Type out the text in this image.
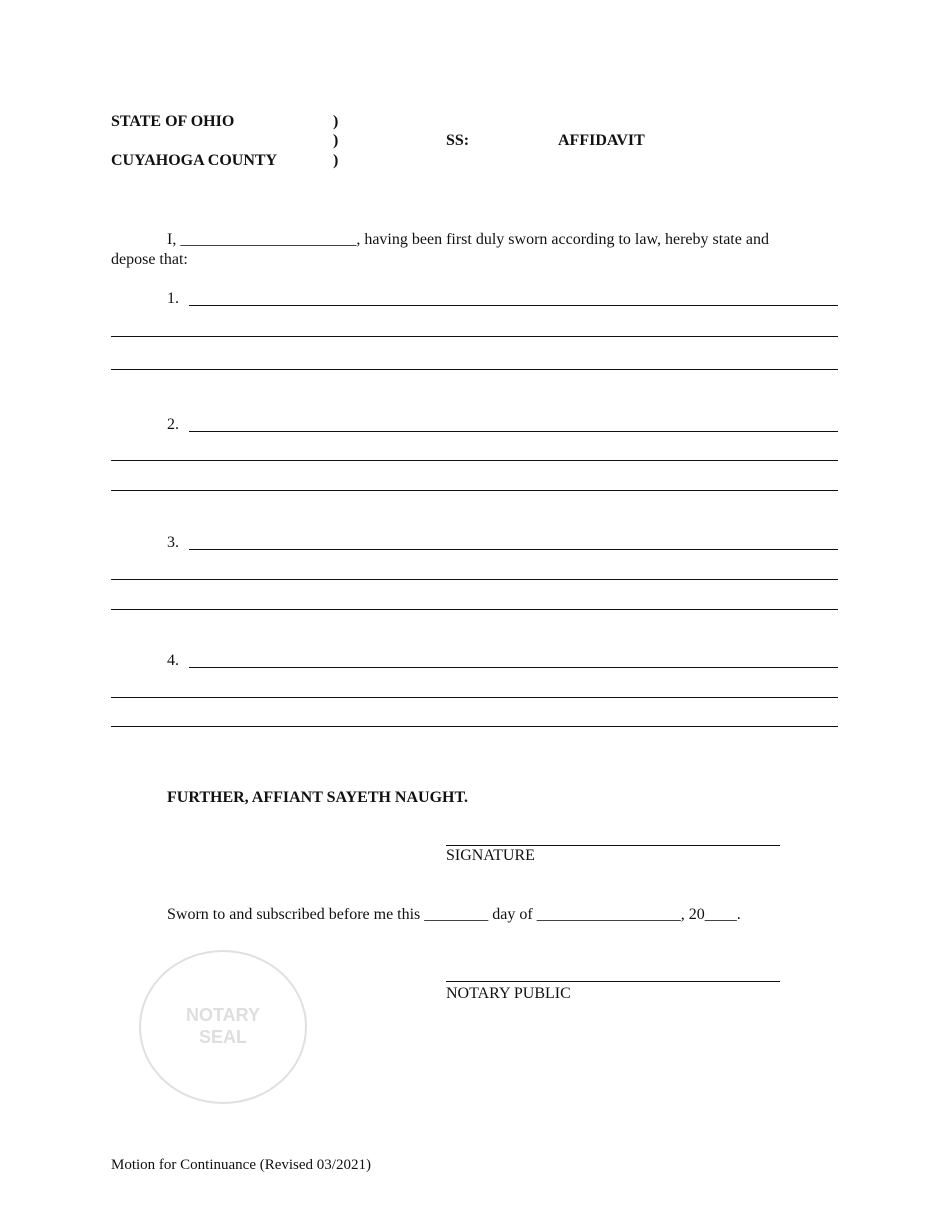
STATE OF OHIO
CUYAHOGA COUNTY
)
)
)
SS:	AFFIDAVIT
I, ______________________, having been first duly sworn according to law, hereby state and
depose that:
1.
2.
3.
4.
FURTHER, AFFIANT SAYETH NAUGHT.
SIGNATURE
Sworn to and subscribed before me this ________ day of __________________, 20____.
NOTARY PUBLIC
NOTARY
SEAL
Motion for Continuance (Revised 03/2021)
